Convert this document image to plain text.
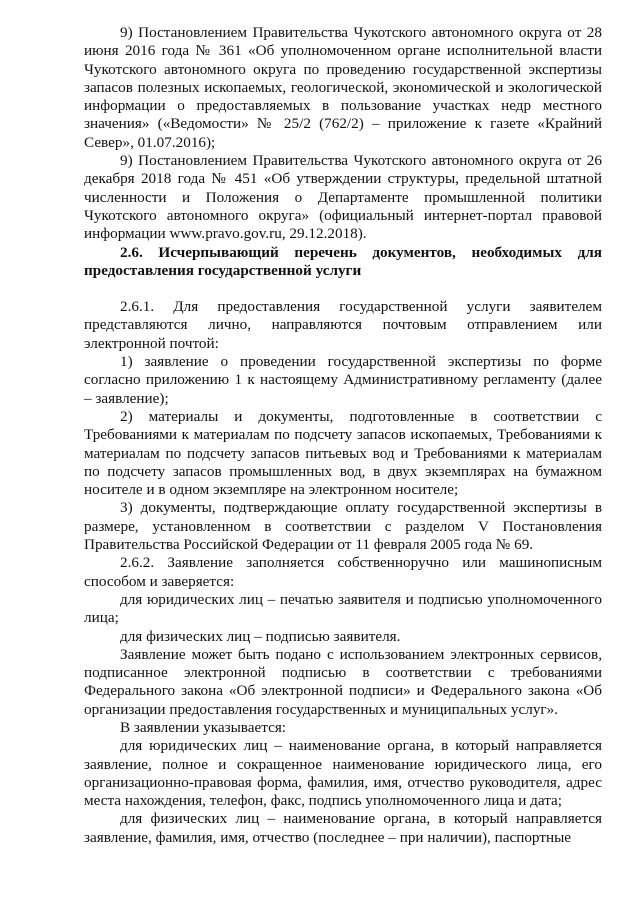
9) Постановлением Правительства Чукотского автономного округа от 28 июня 2016 года № 361 «Об уполномоченном органе исполнительной власти Чукотского автономного округа по проведению государственной экспертизы запасов полезных ископаемых, геологической, экономической и экологической информации о предоставляемых в пользование участках недр местного значения» («Ведомости» № 25/2 (762/2) – приложение к газете «Крайний Север», 01.07.2016);

9) Постановлением Правительства Чукотского автономного округа от 26 декабря 2018 года № 451 «Об утверждении структуры, предельной штатной численности и Положения о Департаменте промышленной политики Чукотского автономного округа» (официальный интернет-портал правовой информации www.pravo.gov.ru, 29.12.2018).

2.6. Исчерпывающий перечень документов, необходимых для предоставления государственной услуги

2.6.1. Для предоставления государственной услуги заявителем представляются лично, направляются почтовым отправлением или электронной почтой:

1) заявление о проведении государственной экспертизы по форме согласно приложению 1 к настоящему Административному регламенту (далее – заявление);

2) материалы и документы, подготовленные в соответствии с Требованиями к материалам по подсчету запасов ископаемых, Требованиями к материалам по подсчету запасов питьевых вод и Требованиями к материалам по подсчету запасов промышленных вод, в двух экземплярах на бумажном носителе и в одном экземпляре на электронном носителе;

3) документы, подтверждающие оплату государственной экспертизы в размере, установленном в соответствии с разделом V Постановления Правительства Российской Федерации от 11 февраля 2005 года № 69.

2.6.2. Заявление заполняется собственноручно или машинописным способом и заверяется:

для юридических лиц – печатью заявителя и подписью уполномоченного лица;

для физических лиц – подписью заявителя.

Заявление может быть подано с использованием электронных сервисов, подписанное электронной подписью в соответствии с требованиями Федерального закона «Об электронной подписи» и Федерального закона «Об организации предоставления государственных и муниципальных услуг».

В заявлении указывается:

для юридических лиц – наименование органа, в который направляется заявление, полное и сокращенное наименование юридического лица, его организационно-правовая форма, фамилия, имя, отчество руководителя, адрес места нахождения, телефон, факс, подпись уполномоченного лица и дата;

для физических лиц – наименование органа, в который направляется заявление, фамилия, имя, отчество (последнее – при наличии), паспортные
